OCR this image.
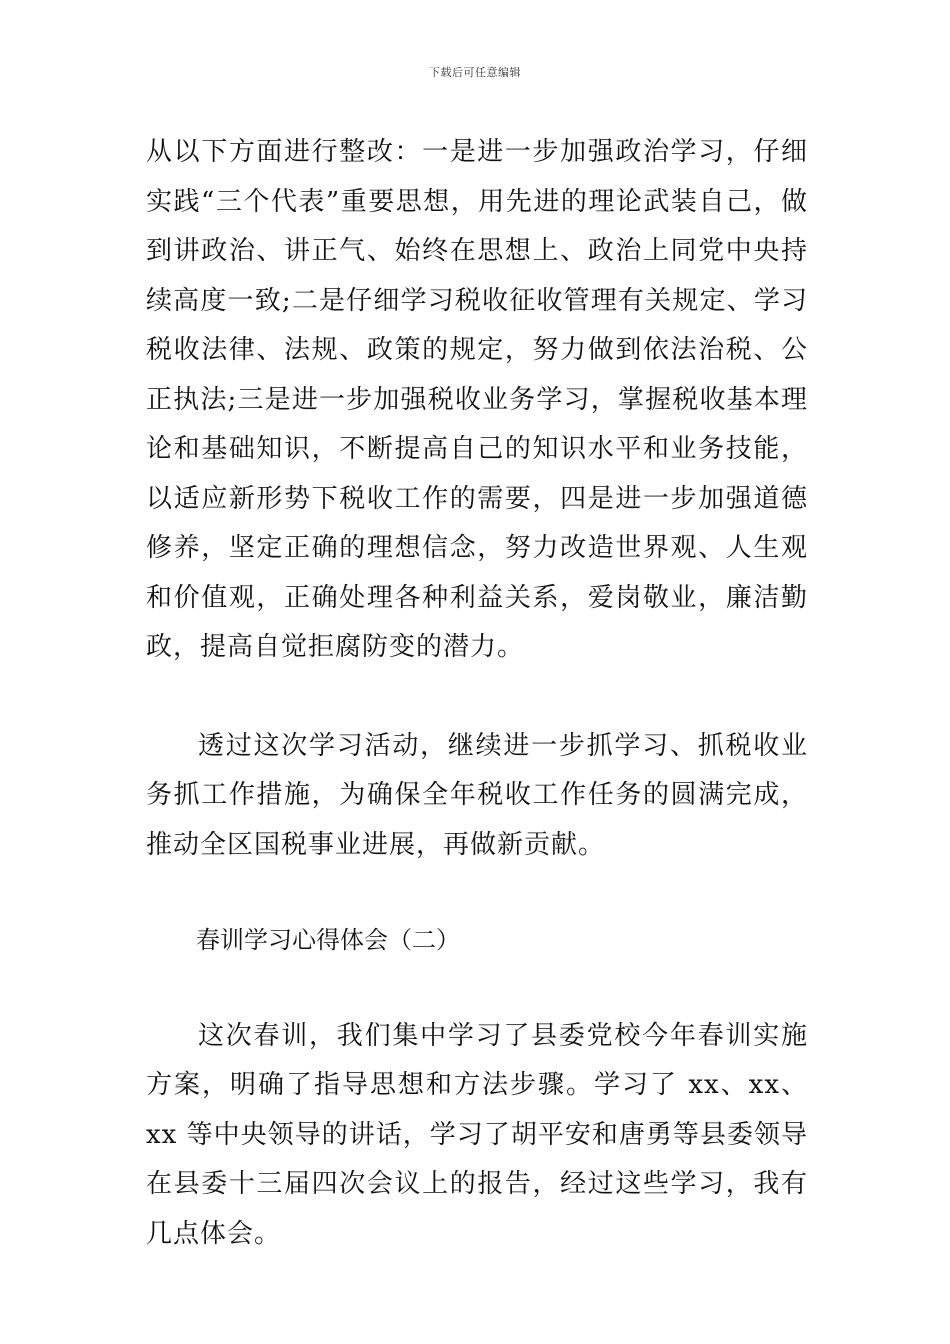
下载后可任意编辑

从以下方面进行整改：一是进一步加强政治学习，仔细实践“三个代表”重要思想，用先进的理论武装自己，做到讲政治、讲正气、始终在思想上、政治上同党中央持续高度一致;二是仔细学习税收征收管理有关规定、学习税收法律、法规、政策的规定，努力做到依法治税、公正执法;三是进一步加强税收业务学习，掌握税收基本理论和基础知识，不断提高自己的知识水平和业务技能，以适应新形势下税收工作的需要，四是进一步加强道德修养，坚定正确的理想信念，努力改造世界观、人生观和价值观，正确处理各种利益关系，爱岗敬业，廉洁勤政，提高自觉拒腐防变的潜力。

透过这次学习活动，继续进一步抓学习、抓税收业务抓工作措施，为确保全年税收工作任务的圆满完成，推动全区国税事业进展，再做新贡献。

春训学习心得体会（二）

这次春训，我们集中学习了县委党校今年春训实施方案，明确了指导思想和方法步骤。学习了 xx、xx、xx 等中央领导的讲话，学习了胡平安和唐勇等县委领导在县委十三届四次会议上的报告，经过这些学习，我有几点体会。
